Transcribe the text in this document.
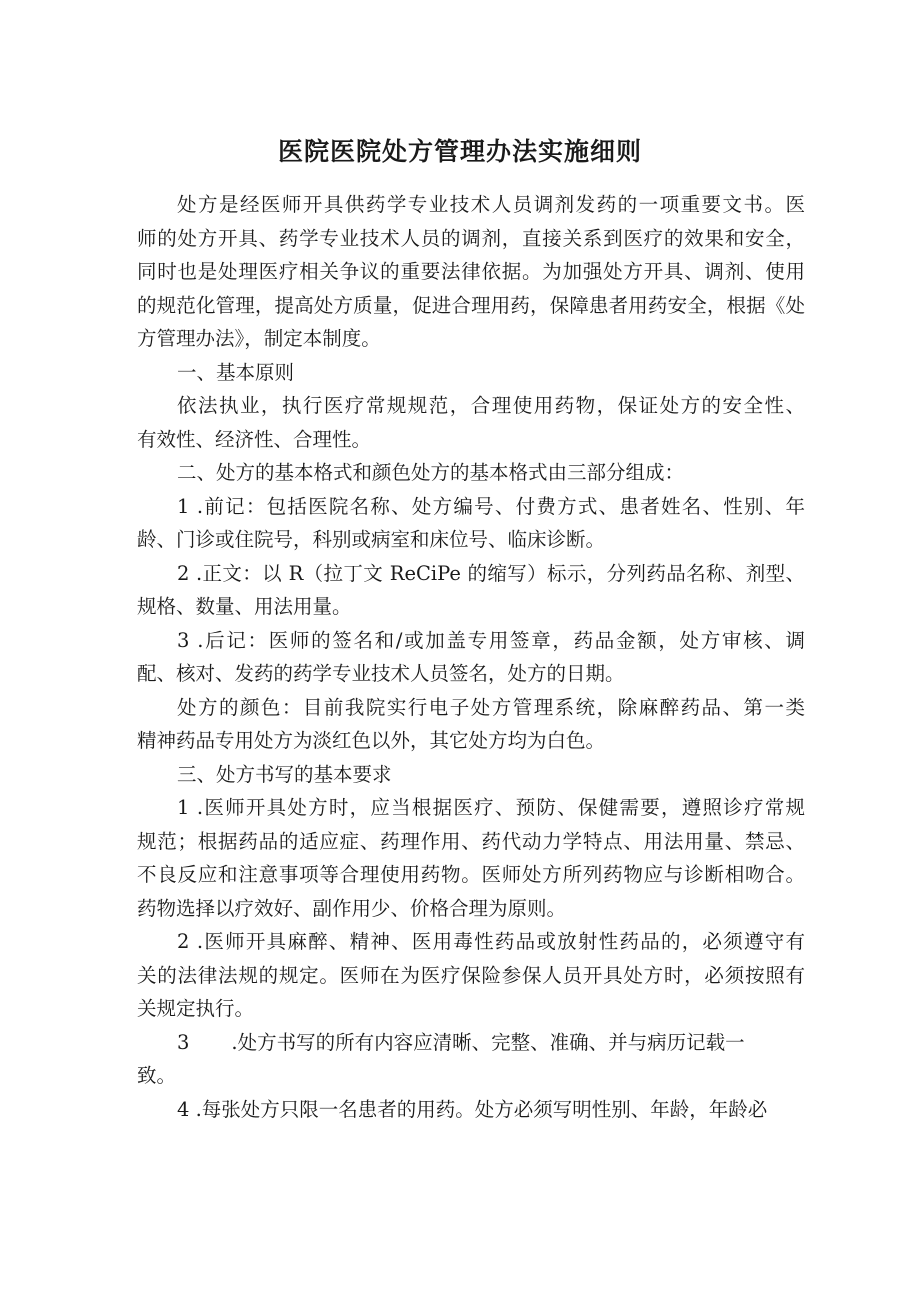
医院医院处方管理办法实施细则
处方是经医师开具供药学专业技术人员调剂发药的一项重要文书。医
师的处方开具、药学专业技术人员的调剂，直接关系到医疗的效果和安全，
同时也是处理医疗相关争议的重要法律依据。为加强处方开具、调剂、使用
的规范化管理，提高处方质量，促进合理用药，保障患者用药安全，根据《处
方管理办法》，制定本制度。
一、基本原则
依法执业，执行医疗常规规范，合理使用药物，保证处方的安全性、
有效性、经济性、合理性。
二、处方的基本格式和颜色处方的基本格式由三部分组成：
1 .前记：包括医院名称、处方编号、付费方式、患者姓名、性别、年
龄、门诊或住院号，科别或病室和床位号、临床诊断。
2 .正文：以 R（拉丁文 ReCiPe 的缩写）标示，分列药品名称、剂型、
规格、数量、用法用量。
3 .后记：医师的签名和/或加盖专用签章，药品金额，处方审核、调
配、核对、发药的药学专业技术人员签名，处方的日期。
处方的颜色：目前我院实行电子处方管理系统，除麻醉药品、第一类
精神药品专用处方为淡红色以外，其它处方均为白色。
三、处方书写的基本要求
1 .医师开具处方时，应当根据医疗、预防、保健需要，遵照诊疗常规
规范；根据药品的适应症、药理作用、药代动力学特点、用法用量、禁忌、
不良反应和注意事项等合理使用药物。医师处方所列药物应与诊断相吻合。
药物选择以疗效好、副作用少、价格合理为原则。
2 .医师开具麻醉、精神、医用毒性药品或放射性药品的，必须遵守有
关的法律法规的规定。医师在为医疗保险参保人员开具处方时，必须按照有
关规定执行。
3 .处方书写的所有内容应清晰、完整、准确、并与病历记载一
致。
4 .每张处方只限一名患者的用药。处方必须写明性别、年龄，年龄必
